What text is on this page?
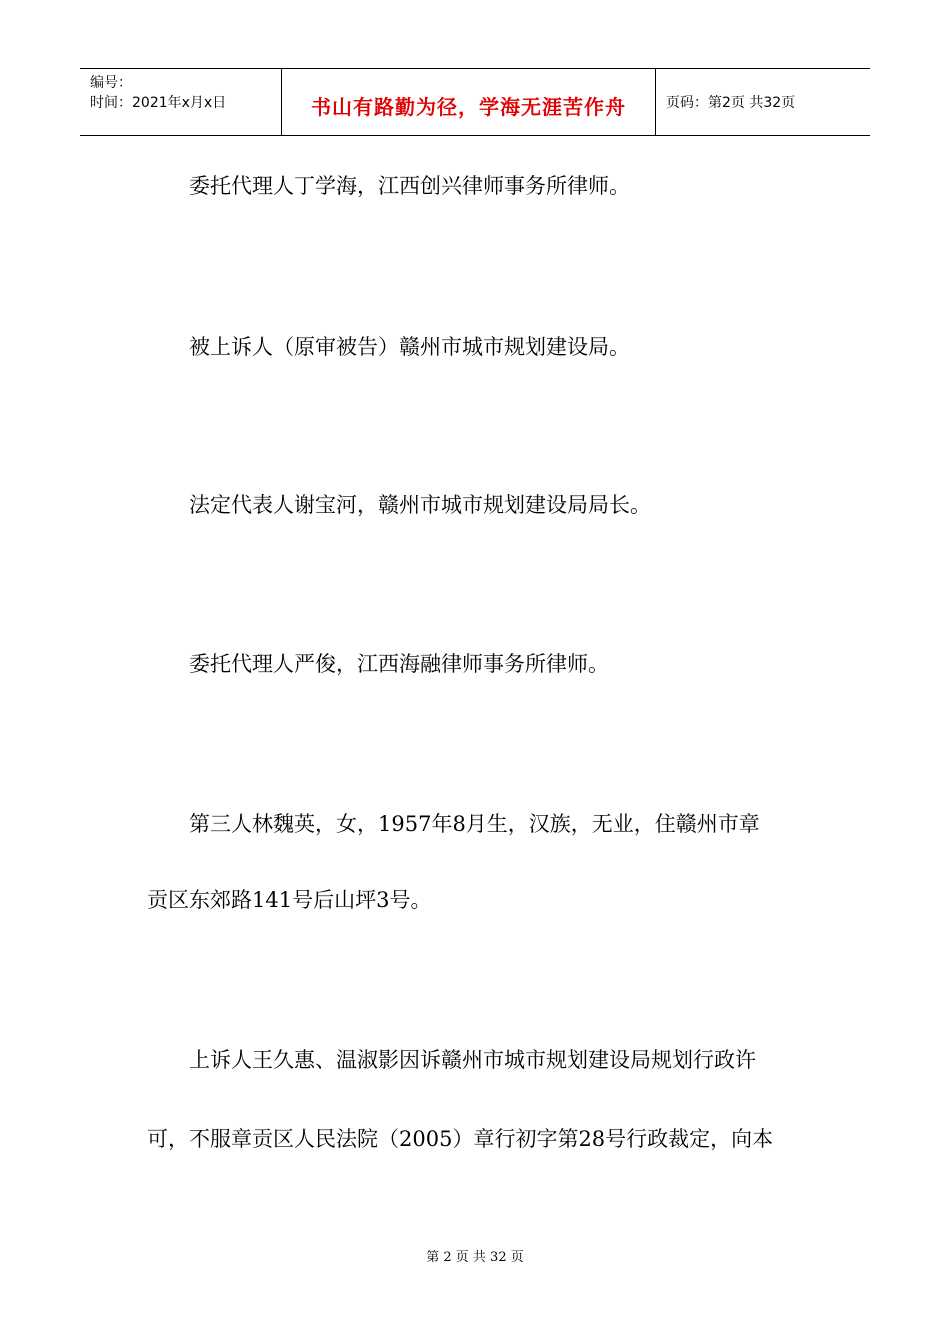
编号：
时间：2021年x月x日	书山有路勤为径，学海无涯苦作舟	页码：第2页 共32页
委托代理人丁学海，江西创兴律师事务所律师。
被上诉人（原审被告）赣州市城市规划建设局。
法定代表人谢宝河，赣州市城市规划建设局局长。
委托代理人严俊，江西海融律师事务所律师。
第三人林魏英，女，1957年8月生，汉族，无业，住赣州市章
贡区东郊路141号后山坪3号。
上诉人王久惠、温淑影因诉赣州市城市规划建设局规划行政许
可，不服章贡区人民法院（2005）章行初字第28号行政裁定，向本
第 2 页 共 32 页
